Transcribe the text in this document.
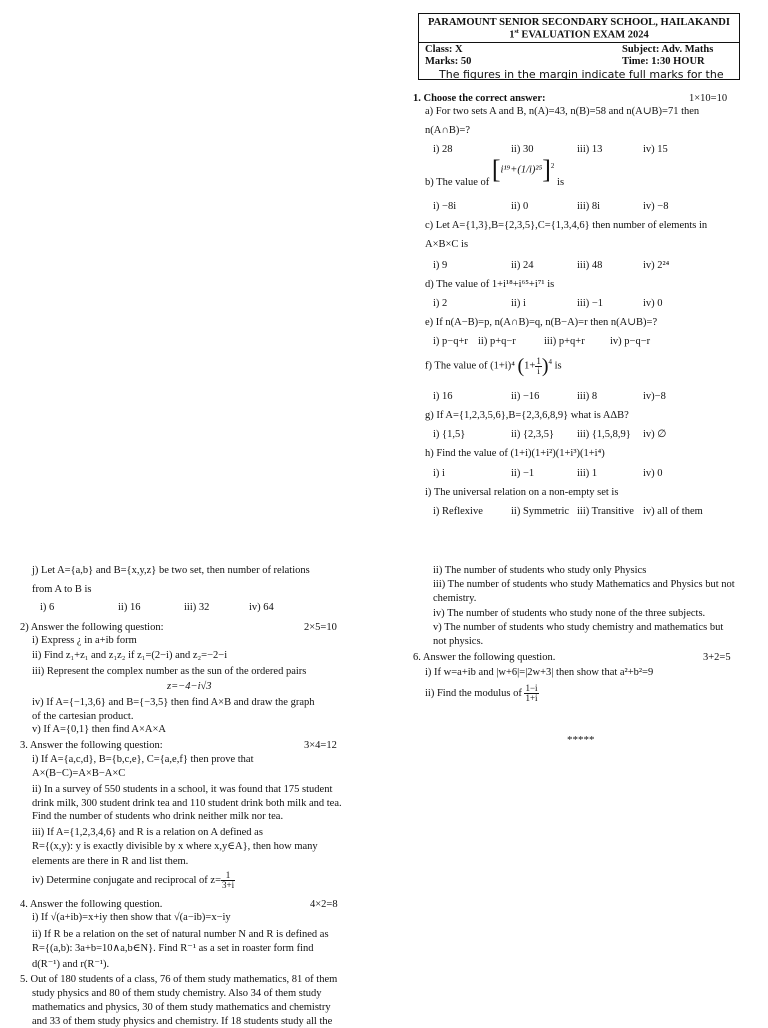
PARAMOUNT SENIOR SECONDARY SCHOOL, HAILAKANDI
1st EVALUATION EXAM 2024
Class: X	Subject: Adv. Maths
Marks: 50	Time: 1:30 HOUR
The figures in the margin indicate full marks for the
1. Choose the correct answer:	1×10=10
a) For two sets A and B, n(A)=43, n(B)=58 and n(A∪B)=71 then
n(A∩B)=?
i) 28	ii) 30	iii) 13	iv) 15
b) The value of $[i^{19}+(1/i)^{25}]^2$ is
i) −8i	ii) 0	iii) 8i	iv) −8
c) Let A={1,3},B={2,3,5},C={1,3,4,6} then number of elements in
A×B×C is
i) 9	ii) 24	iii) 48	iv) 2²⁴
d) The value of 1+i¹⁸+i⁶⁵+i⁷¹ is
i) 2	ii) i	iii) −1	iv) 0
e) If n(A−B)=p, n(A∩B)=q, n(B−A)=r then n(A∪B)=?
i) p−q+r ii) p+q−r	iii) p+q+r iv) p−q−r
f) The value of (1+i)⁴ $(1+ \frac{1}{i} )^4$ is
i) 16	ii) −16	iii) 8	iv)−8
g) If A={1,2,3,5,6},B={2,3,6,8,9} what is AΔB?
i) {1,5}	ii) {2,3,5} iii) {1,5,8,9} iv) ∅
h) Find the value of (1+i)(1+i²)(1+i³)(1+i⁴)
i) i	ii) −1	iii) 1	iv) 0
i) The universal relation on a non-empty set is
i) Reflexive	ii) Symmetric iii) Transitive iv) all of them
j) Let A={a,b} and B={x,y,z} be two set, then number of relations
from A to B is
i) 6	ii) 16	iii) 32	iv) 64
2) Answer the following question:	2×5=10
i) Express ¿ in a+ib form
ii) Find z₁+z₁ and z₁z₂ if z₁=(2−i) and z₂=−2−i
iii) Represent the complex number as the sun of the ordered pairs
z=−4−i√3
iv) If A={−1,3,6} and B={−3,5} then find A×B and draw the graph
of the cartesian product.
v) If A={0,1} then find A×A×A
3. Answer the following question:	3×4=12
i) If A={a,c,d}, B={b,c,e}, C={a,e,f} then prove that
A×(B−C)=A×B−A×C
ii) In a survey of 550 students in a school, it was found that 175 student
drink milk, 300 student drink tea and 110 student drink both milk and tea.
Find the number of students who drink neither milk nor tea.
iii) If A={1,2,3,4,6} and R is a relation on A defined as
R={(x,y): y is exactly divisible by x where x,y∈A}, then how many
elements are there in R and list them.
iv) Determine conjugate and reciprocal of $z= \frac{1}{3+i}$
4. Answer the following question.	4×2=8
i) If √(a+ib)=x+iy then show that √(a−ib)=x−iy
ii) If R be a relation on the set of natural number N and R is defined as
R={(a,b): 3a+b=10∧a,b∈N}. Find R⁻¹ as a set in roaster form find
d(R⁻¹) and r(R⁻¹).
5. Out of 180 students of a class, 76 of them study mathematics, 81 of them
study physics and 80 of them study chemistry. Also 34 of them study
mathematics and physics, 30 of them study mathematics and chemistry
and 33 of them study physics and chemistry. If 18 students study all the
ii) The number of students who study only Physics
iii) The number of students who study Mathematics and Physics but not
chemistry.
iv) The number of students who study none of the three subjects.
v) The number of students who study chemistry and mathematics but
not physics.
6. Answer the following question.	3+2=5
i) If w=a+ib and |w+6|=|2w+3| then show that a²+b²=9
ii) Find the modulus of $\frac{1-i}{1+i}$
*****
